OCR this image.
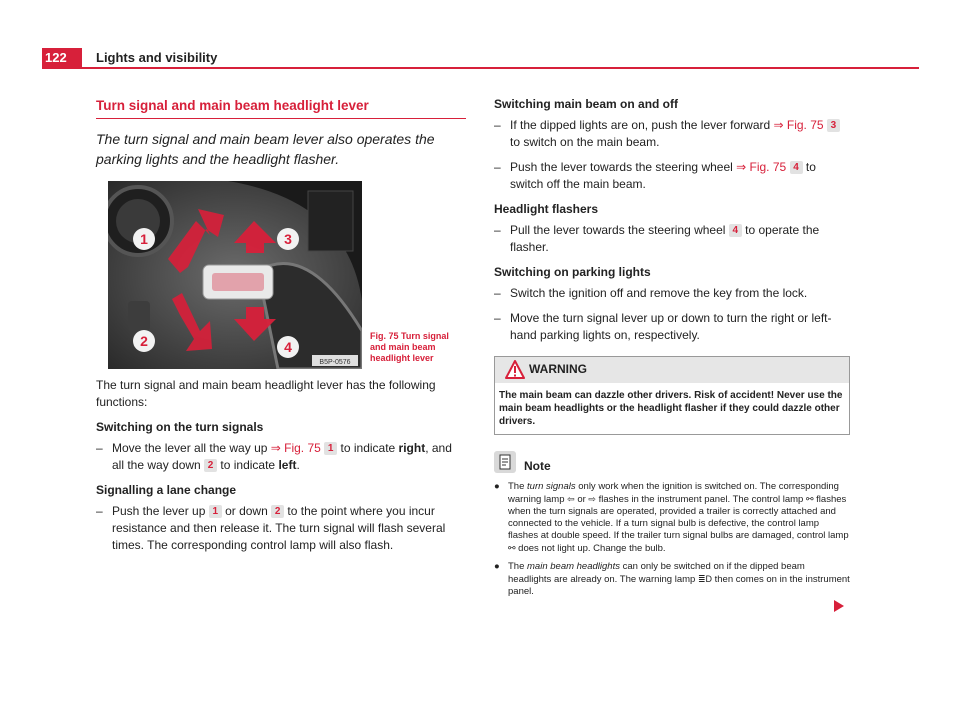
122	Lights and visibility
Turn signal and main beam headlight lever

The turn signal and main beam lever also operates the parking lights and the headlight flasher.

1
2
3
4
B5P-0576
Fig. 75 Turn signal and main beam headlight lever

The turn signal and main beam headlight lever has the following functions:

Switching on the turn signals
– Move the lever all the way up ⇒ Fig. 75 1 to indicate right, and all the way down 2 to indicate left.
Signalling a lane change
– Push the lever up 1 or down 2 to the point where you incur resistance and then release it. The turn signal will flash several times. The corresponding control lamp will also flash.
Switching main beam on and off
– If the dipped lights are on, push the lever forward ⇒ Fig. 75 3 to switch on the main beam.
– Push the lever towards the steering wheel ⇒ Fig. 75 4 to switch off the main beam.
Headlight flashers
– Pull the lever towards the steering wheel 4 to operate the flasher.
Switching on parking lights
– Switch the ignition off and remove the key from the lock.
– Move the turn signal lever up or down to turn the right or left-hand parking lights on, respectively.
WARNING
The main beam can dazzle other drivers. Risk of accident! Never use the main beam headlights or the headlight flasher if they could dazzle other drivers.
Note
● The turn signals only work when the ignition is switched on. The corresponding warning lamp ⇦ or ⇨ flashes in the instrument panel. The control lamp ⚯ flashes when the turn signals are operated, provided a trailer is correctly attached and connected to the vehicle. If a turn signal bulb is defective, the control lamp flashes at double speed. If the trailer turn signal bulbs are damaged, control lamp ⚯ does not light up. Change the bulb.
● The main beam headlights can only be switched on if the dipped beam headlights are already on. The warning lamp ≣D then comes on in the instrument panel.
